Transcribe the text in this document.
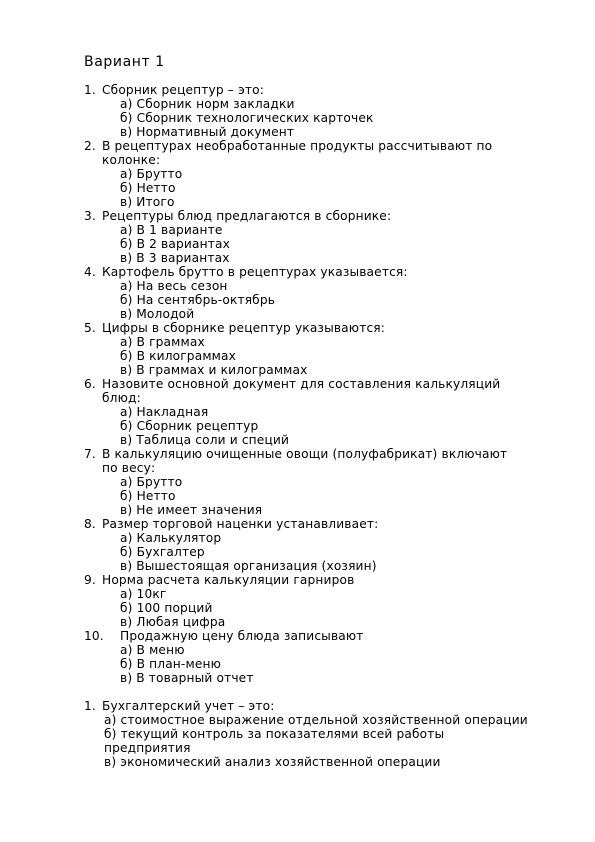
Вариант 1
1. Сборник рецептур – это:
а) Сборник норм закладки
б) Сборник технологических карточек
в) Нормативный документ
2. В рецептурах необработанные продукты рассчитывают по
колонке:
а) Брутто
б) Нетто
в) Итого
3. Рецептуры блюд предлагаются в сборнике:
а) В 1 варианте
б) В 2 вариантах
в) В 3 вариантах
4. Картофель брутто в рецептурах указывается:
а) На весь сезон
б) На сентябрь-октябрь
в) Молодой
5. Цифры в сборнике рецептур указываются:
а) В граммах
б) В килограммах
в) В граммах и килограммах
6. Назовите основной документ для составления калькуляций
блюд:
а) Накладная
б) Сборник рецептур
в) Таблица соли и специй
7. В калькуляцию очищенные овощи (полуфабрикат) включают
по весу:
а) Брутто
б) Нетто
в) Не имеет значения
8. Размер торговой наценки устанавливает:
а) Калькулятор
б) Бухгалтер
в) Вышестоящая организация (хозяин)
9. Норма расчета калькуляции гарниров
а) 10кг
б) 100 порций
в) Любая цифра
10. Продажную цену блюда записывают
а) В меню
б) В план-меню
в) В товарный отчет
1. Бухгалтерский учет – это:
а) стоимостное выражение отдельной хозяйственной операции
б) текущий контроль за показателями всей работы
предприятия
в) экономический анализ хозяйственной операции
